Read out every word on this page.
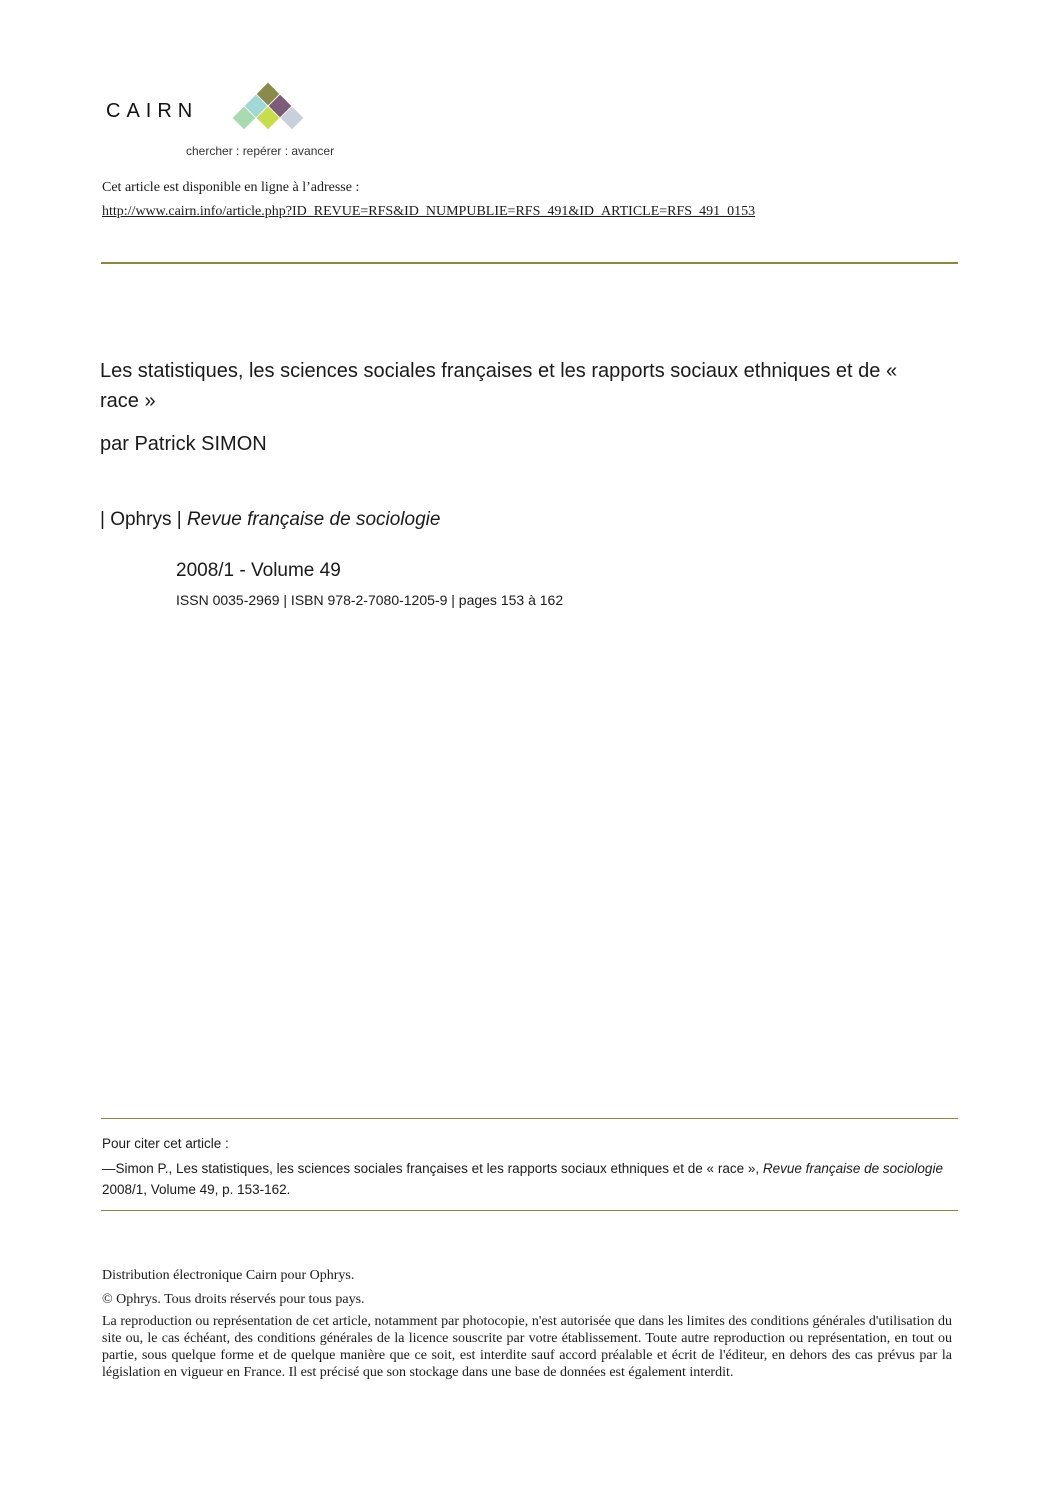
CAIRN
chercher : repérer : avancer
Cet article est disponible en ligne à l’adresse :
http://www.cairn.info/article.php?ID_REVUE=RFS&ID_NUMPUBLIE=RFS_491&ID_ARTICLE=RFS_491_0153
Les statistiques, les sciences sociales françaises et les rapports sociaux ethniques et de « race »
par Patrick SIMON
| Ophrys | Revue française de sociologie
2008/1 - Volume 49
ISSN 0035-2969 | ISBN 978-2-7080-1205-9 | pages 153 à 162
Pour citer cet article :
—Simon P., Les statistiques, les sciences sociales françaises et les rapports sociaux ethniques et de « race », Revue française de sociologie 2008/1, Volume 49, p. 153-162.
Distribution électronique Cairn pour Ophrys.
© Ophrys. Tous droits réservés pour tous pays.
La reproduction ou représentation de cet article, notamment par photocopie, n'est autorisée que dans les limites des conditions générales d'utilisation du site ou, le cas échéant, des conditions générales de la licence souscrite par votre établissement. Toute autre reproduction ou représentation, en tout ou partie, sous quelque forme et de quelque manière que ce soit, est interdite sauf accord préalable et écrit de l'éditeur, en dehors des cas prévus par la législation en vigueur en France. Il est précisé que son stockage dans une base de données est également interdit.
